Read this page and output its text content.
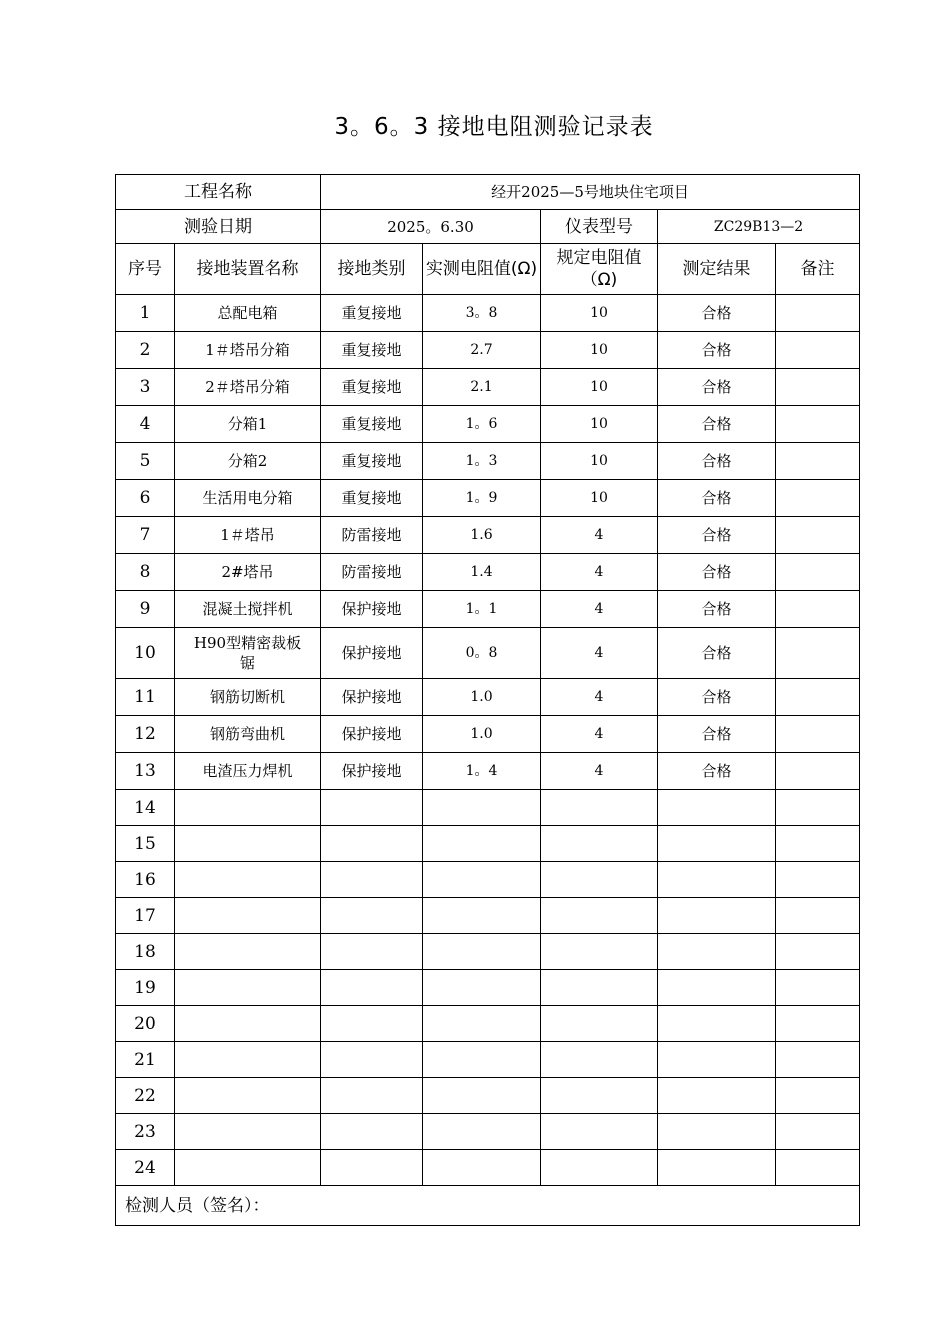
3。6。3 接地电阻测验记录表
工程名称		经开2025—5号地块住宅项目				
测验日期		2025。6.30		仪表型号	ZC29B13—2	
序号	接地装置名称	接地类别	实测电阻值(Ω)	规定电阻值（Ω)	测定结果	备注
1	总配电箱	重复接地	3。8	10	合格	
2	1＃塔吊分箱	重复接地	2.7	10	合格	
3	2＃塔吊分箱	重复接地	2.1	10	合格	
4	分箱1	重复接地	1。6	10	合格	
5	分箱2	重复接地	1。3	10	合格	
6	生活用电分箱	重复接地	1。9	10	合格	
7	1＃塔吊	防雷接地	1.6	4	合格	
8	2#塔吊	防雷接地	1.4	4	合格	
9	混凝土搅拌机	保护接地	1。1	4	合格	
10	H90型精密裁板锯	保护接地	0。8	4	合格	
11	钢筋切断机	保护接地	1.0	4	合格	
12	钢筋弯曲机	保护接地	1.0	4	合格	
13	电渣压力焊机	保护接地	1。4	4	合格	
14						
15						
16						
17						
18						
19						
20						
21						
22						
23						
24						
检测人员（签名）：						
